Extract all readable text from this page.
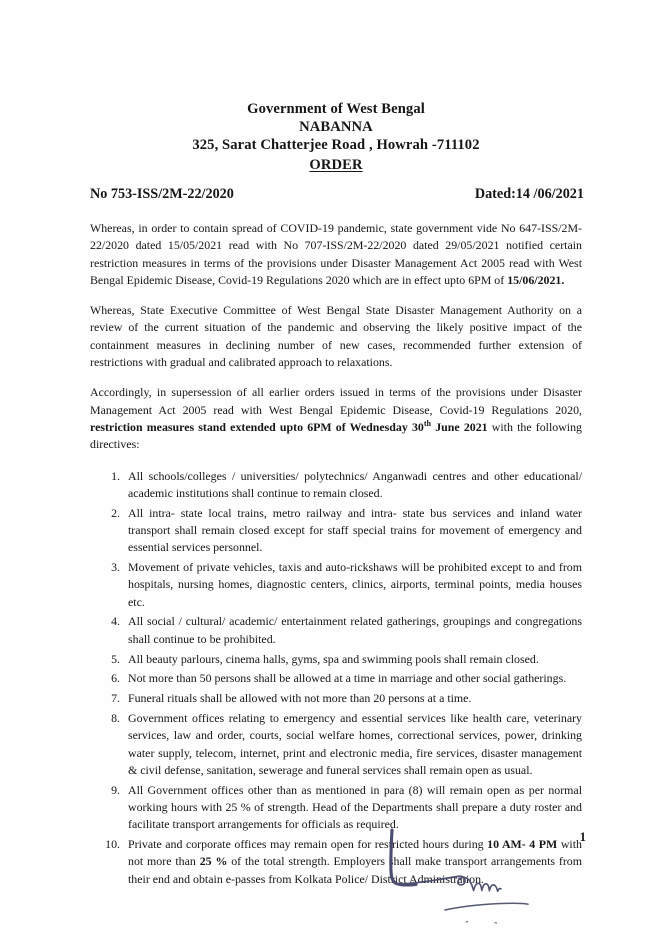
Government of West Bengal
NABANNA
325, Sarat Chatterjee Road , Howrah -711102
ORDER
No 753-ISS/2M-22/2020	Dated:14 /06/2021

Whereas, in order to contain spread of COVID-19 pandemic, state government vide No 647-ISS/2M-22/2020 dated 15/05/2021 read with No 707-ISS/2M-22/2020 dated 29/05/2021 notified certain restriction measures in terms of the provisions under Disaster Management Act 2005 read with West Bengal Epidemic Disease, Covid-19 Regulations 2020 which are in effect upto 6PM of 15/06/2021.

Whereas, State Executive Committee of West Bengal State Disaster Management Authority on a review of the current situation of the pandemic and observing the likely positive impact of the containment measures in declining number of new cases, recommended further extension of restrictions with gradual and calibrated approach to relaxations.

Accordingly, in supersession of all earlier orders issued in terms of the provisions under Disaster Management Act 2005 read with West Bengal Epidemic Disease, Covid-19 Regulations 2020, restriction measures stand extended upto 6PM of Wednesday 30th June 2021 with the following directives:

All schools/colleges / universities/ polytechnics/ Anganwadi centres and other educational/ academic institutions shall continue to remain closed.
All intra- state local trains, metro railway and intra- state bus services and inland water transport shall remain closed except for staff special trains for movement of emergency and essential services personnel.
Movement of private vehicles, taxis and auto-rickshaws will be prohibited except to and from hospitals, nursing homes, diagnostic centers, clinics, airports, terminal points, media houses etc.
All social / cultural/ academic/ entertainment related gatherings, groupings and congregations shall continue to be prohibited.
All beauty parlours, cinema halls, gyms, spa and swimming pools shall remain closed.
Not more than 50 persons shall be allowed at a time in marriage and other social gatherings.
Funeral rituals shall be allowed with not more than 20 persons at a time.
Government offices relating to emergency and essential services like health care, veterinary services, law and order, courts, social welfare homes, correctional services, power, drinking water supply, telecom, internet, print and electronic media, fire services, disaster management & civil defense, sanitation, sewerage and funeral services shall remain open as usual.
All Government offices other than as mentioned in para (8) will remain open as per normal working hours with 25 % of strength. Head of the Departments shall prepare a duty roster and facilitate transport arrangements for officials as required.
Private and corporate offices may remain open for restricted hours during 10 AM- 4 PM with not more than 25 % of the total strength. Employers shall make transport arrangements from their end and obtain e-passes from Kolkata Police/ District Administration.
1
